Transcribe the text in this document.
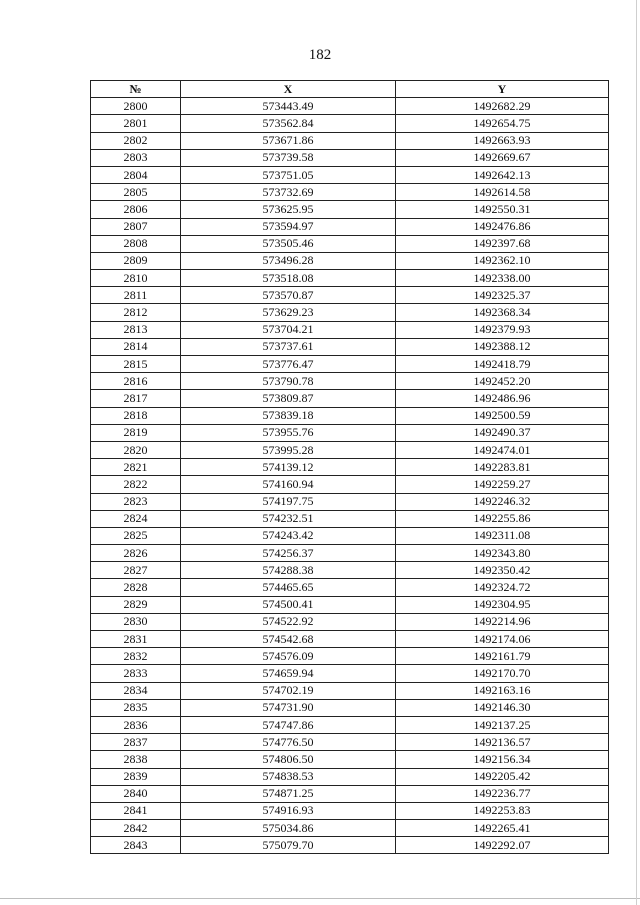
182
№	X	Y
2800	573443.49	1492682.29
2801	573562.84	1492654.75
2802	573671.86	1492663.93
2803	573739.58	1492669.67
2804	573751.05	1492642.13
2805	573732.69	1492614.58
2806	573625.95	1492550.31
2807	573594.97	1492476.86
2808	573505.46	1492397.68
2809	573496.28	1492362.10
2810	573518.08	1492338.00
2811	573570.87	1492325.37
2812	573629.23	1492368.34
2813	573704.21	1492379.93
2814	573737.61	1492388.12
2815	573776.47	1492418.79
2816	573790.78	1492452.20
2817	573809.87	1492486.96
2818	573839.18	1492500.59
2819	573955.76	1492490.37
2820	573995.28	1492474.01
2821	574139.12	1492283.81
2822	574160.94	1492259.27
2823	574197.75	1492246.32
2824	574232.51	1492255.86
2825	574243.42	1492311.08
2826	574256.37	1492343.80
2827	574288.38	1492350.42
2828	574465.65	1492324.72
2829	574500.41	1492304.95
2830	574522.92	1492214.96
2831	574542.68	1492174.06
2832	574576.09	1492161.79
2833	574659.94	1492170.70
2834	574702.19	1492163.16
2835	574731.90	1492146.30
2836	574747.86	1492137.25
2837	574776.50	1492136.57
2838	574806.50	1492156.34
2839	574838.53	1492205.42
2840	574871.25	1492236.77
2841	574916.93	1492253.83
2842	575034.86	1492265.41
2843	575079.70	1492292.07
